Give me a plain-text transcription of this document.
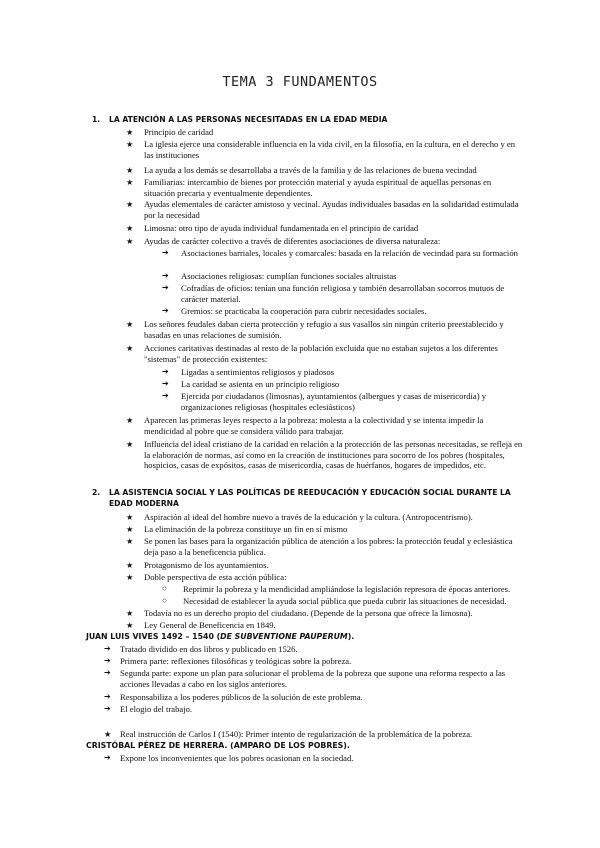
TEMA 3 FUNDAMENTOS
1. LA ATENCIÓN A LAS PERSONAS NECESITADAS EN LA EDAD MEDIA
★ Principio de caridad
★ La iglesia ejerce una considerable influencia en la vida civil, en la filosofía, en la cultura, en el derecho y en las instituciones
★ La ayuda a los demás se desarrollaba a través de la familia y de las relaciones de buena vecindad
★ Familiarias: intercambio de bienes por protección material y ayuda espiritual de aquellas personas en situación precaria y eventualmente dependientes.
★ Ayudas elementales de carácter amistoso y vecinal. Ayudas individuales basadas en la solidaridad estimulada por la necesidad
★ Limosna: otro tipo de ayuda individual fundamentada en el principio de caridad
★ Ayudas de carácter colectivo a través de diferentes asociaciones de diversa naturaleza:
➔ Asociaciones barriales, locales y comarcales: basada en la relación de vecindad para su formación
➔ Asociaciones religiosas: cumplían funciones sociales altruistas
➔ Cofradías de oficios: tenían una función religiosa y también desarrollaban socorros mutuos de carácter material.
➔ Gremios: se practicaba la cooperación para cubrir necesidades sociales.
★ Los señores feudales daban cierta protección y refugio a sus vasallos sin ningún criterio preestablecido y basadas en unas relaciones de sumisión.
★ Acciones caritativas destinadas al resto de la población excluida que no estaban sujetos a los diferentes "sistemas" de protección existentes:
➔ Ligadas a sentimientos religiosos y piadosos
➔ La caridad se asienta en un principio religioso
➔ Ejercida por ciudadanos (limosnas), ayuntamientos (albergues y casas de misericordia) y organizaciones religiosas (hospitales eclesiásticos)
★ Aparecen las primeras leyes respecto a la pobreza: molesta a la colectividad y se intenta impedir la mendicidad al pobre que se considera válido para trabajar.
★ Influencia del ideal cristiano de la caridad en relación a la protección de las personas necesitadas, se refleja en la elaboración de normas, así como en la creación de instituciones para socorro de los pobres (hospitales, hospicios, casas de expósitos, casas de misericordia, casas de huérfanos, hogares de impedidos, etc.
2. LA ASISTENCIA SOCIAL Y LAS POLÍTICAS DE REEDUCACIÓN Y EDUCACIÓN SOCIAL DURANTE LA EDAD MODERNA
★ Aspiración al ideal del hombre nuevo a través de la educación y la cultura. (Antropocentrismo).
★ La eliminación de la pobreza constituye un fin en sí mismo
★ Se ponen las bases para la organización pública de atención a los pobres: la protección feudal y eclesiástica deja paso a la beneficencia pública.
★ Protagonismo de los ayuntamientos.
★ Doble perspectiva de esta acción pública:
○ Reprimir la pobreza y la mendicidad ampliándose la legislación represora de épocas anteriores.
○ Necesidad de establecer la ayuda social pública que pueda cubrir las situaciones de necesidad.
★ Todavía no es un derecho propio del ciudadano. (Depende de la persona que ofrece la limosna).
★ Ley General de Beneficencia en 1849.
JUAN LUIS VIVES 1492 – 1540 (DE SUBVENTIONE PAUPERUM).
➔ Tratado dividido en dos libros y publicado en 1526.
➔ Primera parte: reflexiones filosóficas y teológicas sobre la pobreza.
➔ Segunda parte: expone un plan para solucionar el problema de la pobreza que supone una reforma respecto a las acciones llevadas a cabo en los siglos anteriores.
➔ Responsabiliza a los poderes públicos de la solución de este problema.
➔ El elogio del trabajo.
★ Real instrucción de Carlos I (1540): Primer intento de regularización de la problemática de la pobreza.
CRISTÓBAL PÉREZ DE HERRERA. (AMPARO DE LOS POBRES).
➔ Expone los inconvenientes que los pobres ocasionan en la sociedad.
